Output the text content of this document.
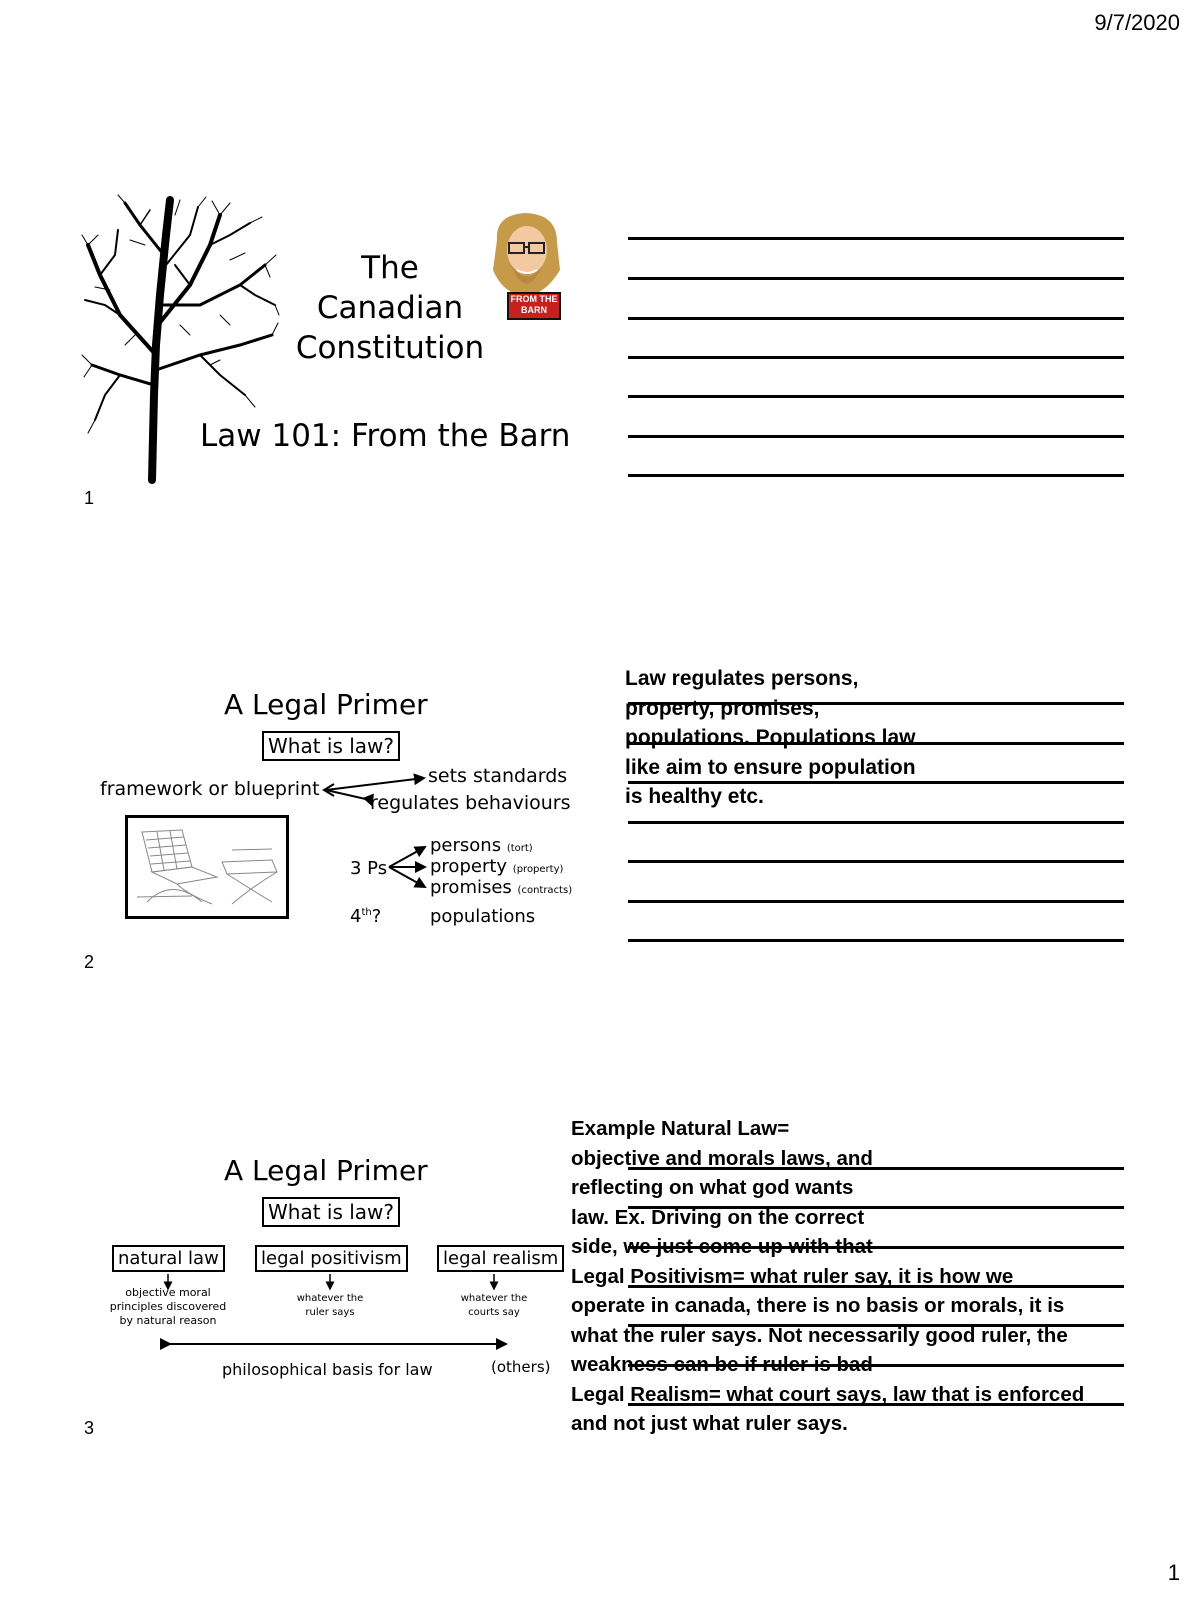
9/7/2020
1
The
Canadian
Constitution
FROM THE BARN
Law 101: From the Barn
1
A Legal Primer
What is law?
framework or blueprint
sets standards
regulates behaviours
3 Ps
persons (tort)
property (property)
promises (contracts)
4th?	populations
2
Law regulates persons,
property, promises,
populations. Populations law
like aim to ensure population
is healthy etc.
A Legal Primer
What is law?
natural law	legal positivism	legal realism
objective moral
principles discovered
by natural reason
whatever the
ruler says
whatever the
courts say
philosophical basis for law	(others)
3
Example Natural Law=
objective and morals laws, and
reflecting on what god wants
law. Ex. Driving on the correct
side, we just come up with that
Legal Positivism= what ruler say, it is how we
operate in canada, there is no basis or morals, it is
what the ruler says. Not necessarily good ruler, the
weakness can be if ruler is bad
Legal Realism= what court says, law that is enforced
and not just what ruler says.
